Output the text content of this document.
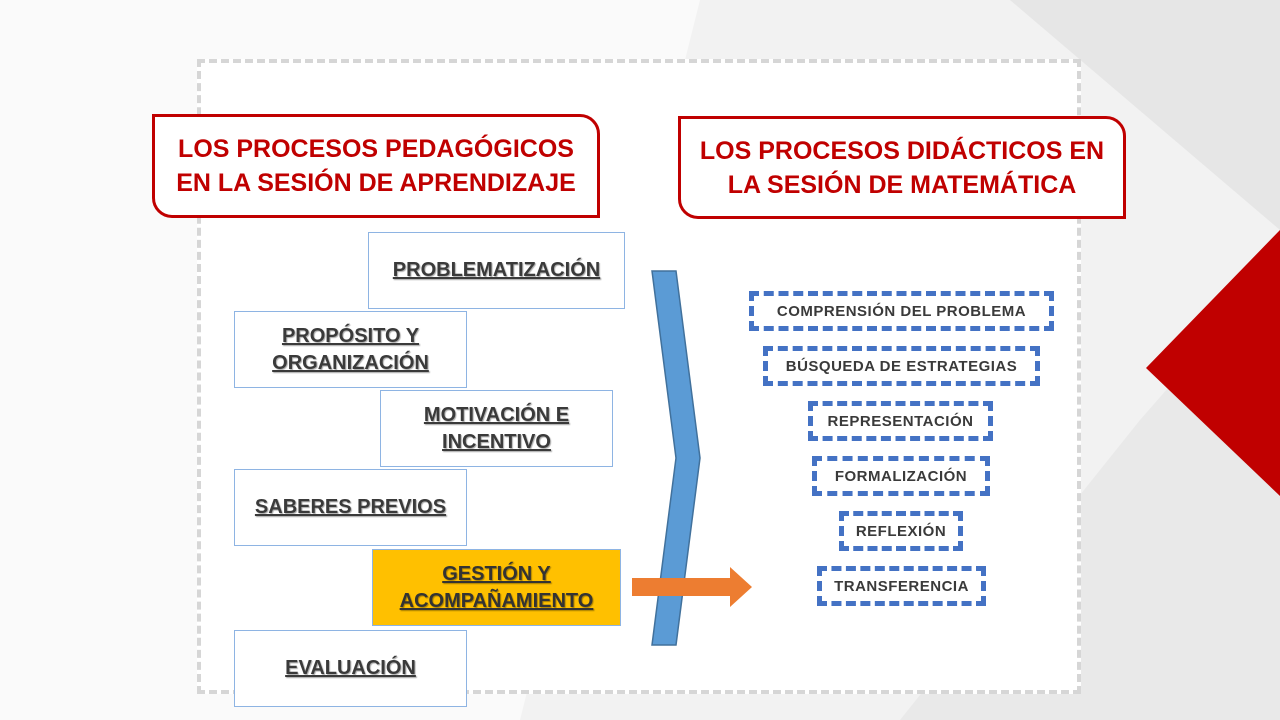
LOS PROCESOS PEDAGÓGICOS EN LA SESIÓN DE APRENDIZAJE
LOS PROCESOS DIDÁCTICOS EN LA SESIÓN DE MATEMÁTICA
PROBLEMATIZACIÓN
PROPÓSITO Y ORGANIZACIÓN
MOTIVACIÓN E INCENTIVO
SABERES PREVIOS
GESTIÓN Y ACOMPAÑAMIENTO
EVALUACIÓN
COMPRENSIÓN DEL PROBLEMA
BÚSQUEDA DE ESTRATEGIAS
REPRESENTACIÓN
FORMALIZACIÓN
REFLEXIÓN
TRANSFERENCIA
